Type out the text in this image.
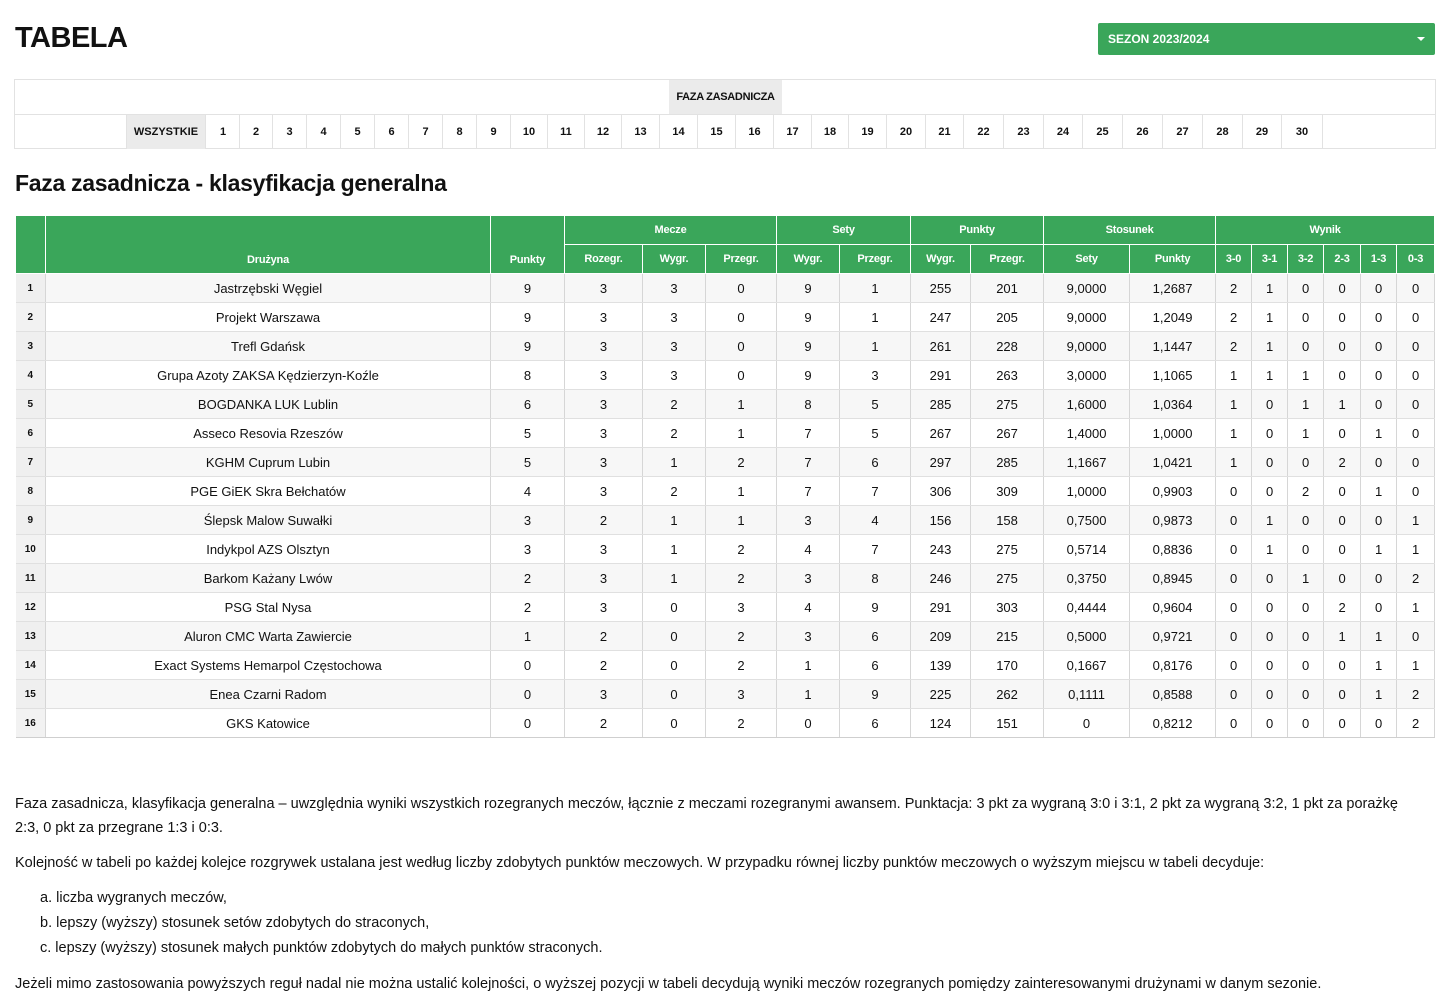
TABELA	SEZON 2023/2024
FAZA ZASADNICZA
WSZYSTKIE	1	2	3	4	5	6	7	8	9	10	11	12	13	14	15	16	17	18	19	20	21	22	23	24	25	26	27	28	29	30
Faza zasadnicza - klasyfikacja generalna
	Drużyna	Punkty	Mecze			Sety		Punkty		Stosunek		Wynik					
			Rozegr.	Wygr.	Przegr.	Wygr.	Przegr.	Wygr.	Przegr.	Sety	Punkty	3-0	3-1	3-2	2-3	1-3	0-3
1	Jastrzębski Węgiel	9	3	3	0	9	1	255	201	9,0000	1,2687	2	1	0	0	0	0
2	Projekt Warszawa	9	3	3	0	9	1	247	205	9,0000	1,2049	2	1	0	0	0	0
3	Trefl Gdańsk	9	3	3	0	9	1	261	228	9,0000	1,1447	2	1	0	0	0	0
4	Grupa Azoty ZAKSA Kędzierzyn-Koźle	8	3	3	0	9	3	291	263	3,0000	1,1065	1	1	1	0	0	0
5	BOGDANKA LUK Lublin	6	3	2	1	8	5	285	275	1,6000	1,0364	1	0	1	1	0	0
6	Asseco Resovia Rzeszów	5	3	2	1	7	5	267	267	1,4000	1,0000	1	0	1	0	1	0
7	KGHM Cuprum Lubin	5	3	1	2	7	6	297	285	1,1667	1,0421	1	0	0	2	0	0
8	PGE GiEK Skra Bełchatów	4	3	2	1	7	7	306	309	1,0000	0,9903	0	0	2	0	1	0
9	Ślepsk Malow Suwałki	3	2	1	1	3	4	156	158	0,7500	0,9873	0	1	0	0	0	1
10	Indykpol AZS Olsztyn	3	3	1	2	4	7	243	275	0,5714	0,8836	0	1	0	0	1	1
11	Barkom Każany Lwów	2	3	1	2	3	8	246	275	0,3750	0,8945	0	0	1	0	0	2
12	PSG Stal Nysa	2	3	0	3	4	9	291	303	0,4444	0,9604	0	0	0	2	0	1
13	Aluron CMC Warta Zawiercie	1	2	0	2	3	6	209	215	0,5000	0,9721	0	0	0	1	1	0
14	Exact Systems Hemarpol Częstochowa	0	2	0	2	1	6	139	170	0,1667	0,8176	0	0	0	0	1	1
15	Enea Czarni Radom	0	3	0	3	1	9	225	262	0,1111	0,8588	0	0	0	0	1	2
16	GKS Katowice	0	2	0	2	0	6	124	151	0	0,8212	0	0	0	0	0	2

Faza zasadnicza, klasyfikacja generalna – uwzględnia wyniki wszystkich rozegranych meczów, łącznie z meczami rozegranymi awansem. Punktacja: 3 pkt za wygraną 3:0 i 3:1, 2 pkt za wygraną 3:2, 1 pkt za porażkę 2:3, 0 pkt za przegrane 1:3 i 0:3.

Kolejność w tabeli po każdej kolejce rozgrywek ustalana jest według liczby zdobytych punktów meczowych. W przypadku równej liczby punktów meczowych o wyższym miejscu w tabeli decyduje:

a. liczba wygranych meczów,
b. lepszy (wyższy) stosunek setów zdobytych do straconych,
c. lepszy (wyższy) stosunek małych punktów zdobytych do małych punktów straconych.

Jeżeli mimo zastosowania powyższych reguł nadal nie można ustalić kolejności, o wyższej pozycji w tabeli decydują wyniki meczów rozegranych pomiędzy zainteresowanymi drużynami w danym sezonie.
